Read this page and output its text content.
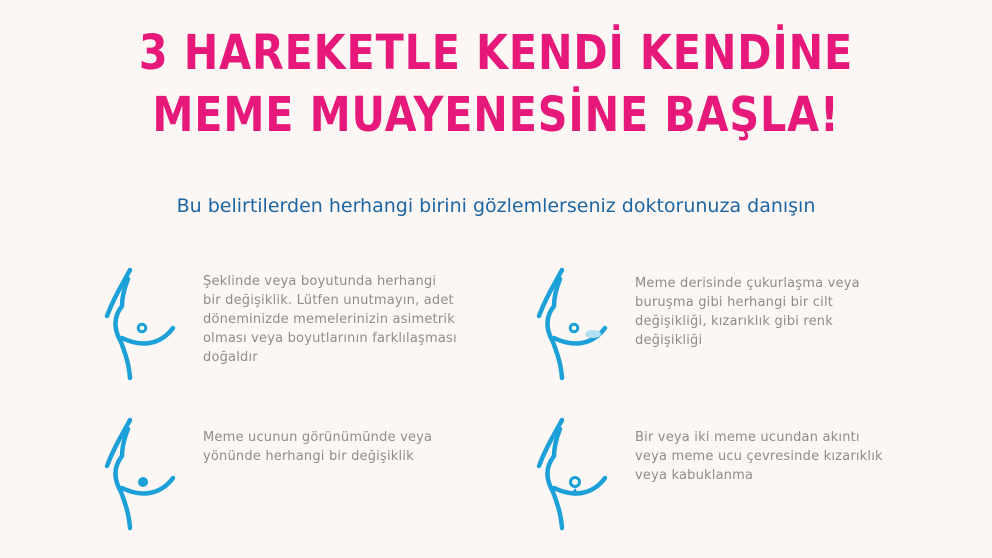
3 HAREKETLE KENDİ KENDİNE
MEME MUAYENESİNE BAŞLA!
Bu belirtilerden herhangi birini gözlemlerseniz doktorunuza danışın
Şeklinde veya boyutunda herhangi
bir değişiklik. Lütfen unutmayın, adet
döneminizde memelerinizin asimetrik
olması veya boyutlarının farklılaşması
doğaldır
Meme derisinde çukurlaşma veya
buruşma gibi herhangi bir cilt
değişikliği, kızarıklık gibi renk
değişikliği
Meme ucunun görünümünde veya
yönünde herhangi bir değişiklik
Bir veya iki meme ucundan akıntı
veya meme ucu çevresinde kızarıklık
veya kabuklanma
